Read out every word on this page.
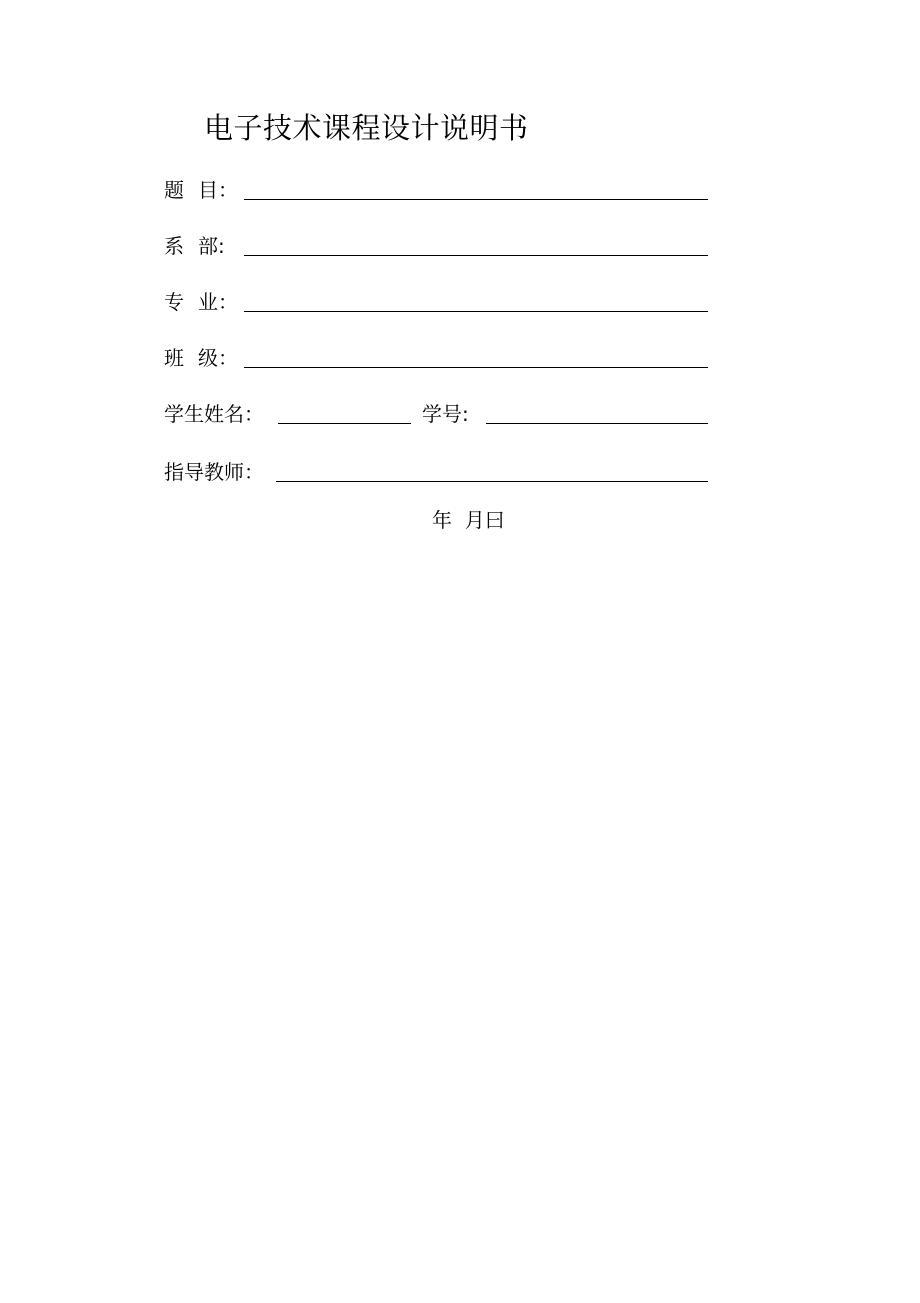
电子技术课程设计说明书
题 目：
系 部:
专 业：
班 级：
学生姓名：	学号:
指导教师：
年  月曰
